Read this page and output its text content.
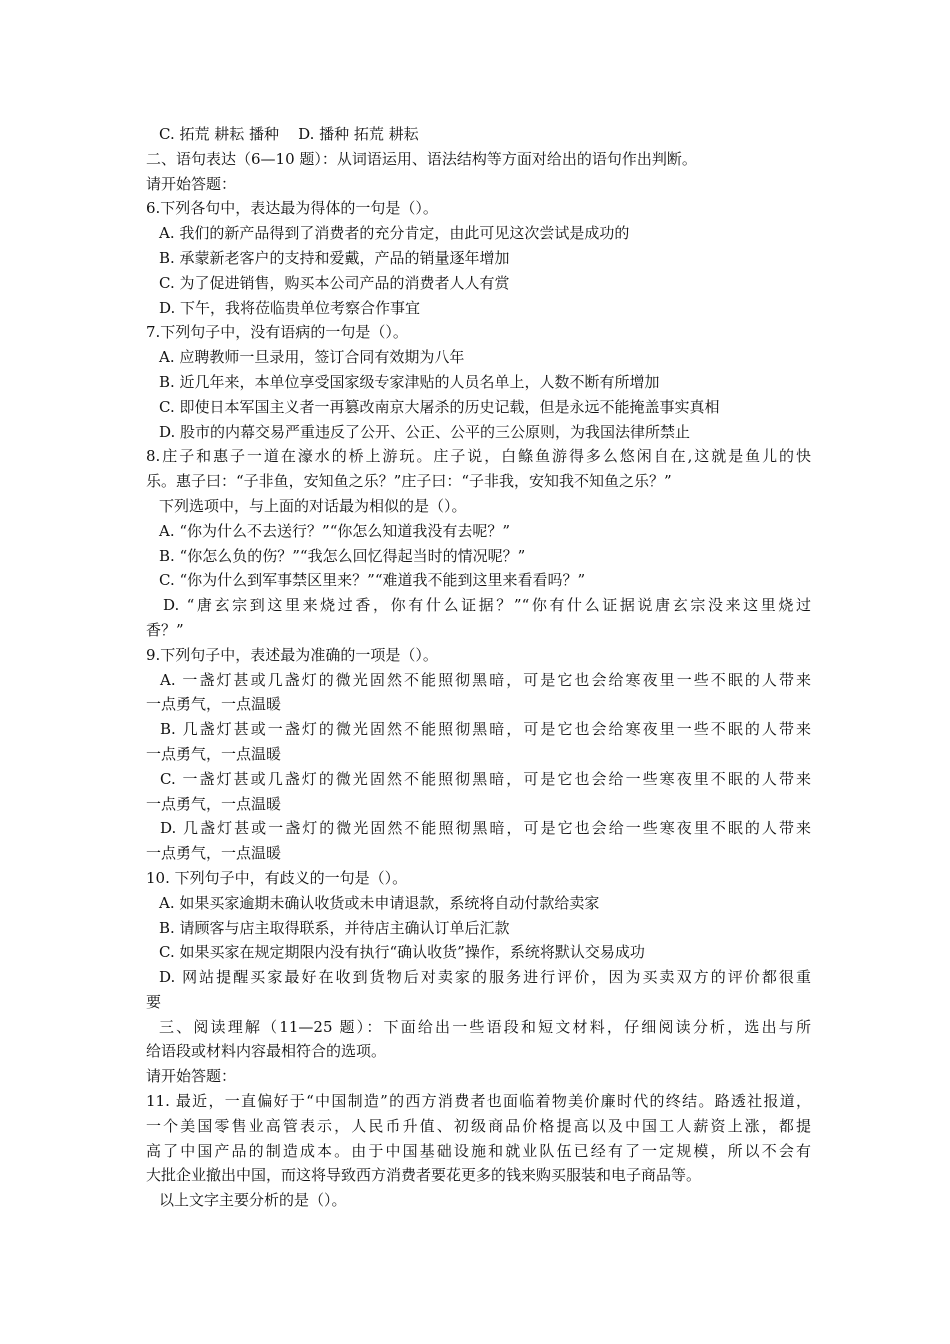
C. 拓荒 耕耘 播种    D. 播种 拓荒 耕耘
二、语句表达（6—10 题）：从词语运用、语法结构等方面对给出的语句作出判断。
请开始答题：
6.下列各句中，表达最为得体的一句是（）。
A. 我们的新产品得到了消费者的充分肯定，由此可见这次尝试是成功的
B. 承蒙新老客户的支持和爱戴，产品的销量逐年增加
C. 为了促进销售，购买本公司产品的消费者人人有赏
D. 下午，我将莅临贵单位考察合作事宜
7.下列句子中，没有语病的一句是（）。
A. 应聘教师一旦录用，签订合同有效期为八年
B. 近几年来，本单位享受国家级专家津贴的人员名单上，人数不断有所增加
C. 即使日本军国主义者一再篡改南京大屠杀的历史记载，但是永远不能掩盖事实真相
D. 股市的内幕交易严重违反了公开、公正、公平的三公原则，为我国法律所禁止
8.庄子和惠子一道在濠水的桥上游玩。庄子说，白鲦鱼游得多么悠闲自在,这就是鱼儿的快
乐。惠子曰：“子非鱼，安知鱼之乐？”庄子曰：“子非我，安知我不知鱼之乐？”
下列选项中，与上面的对话最为相似的是（）。
A. “你为什么不去送行？”“你怎么知道我没有去呢？”
B. “你怎么负的伤？”“我怎么回忆得起当时的情况呢？”
C. “你为什么到军事禁区里来？”“难道我不能到这里来看看吗？”
D. “唐玄宗到这里来烧过香，你有什么证据？”“你有什么证据说唐玄宗没来这里烧过
香？”
9.下列句子中，表述最为准确的一项是（）。
A. 一盏灯甚或几盏灯的微光固然不能照彻黑暗，可是它也会给寒夜里一些不眠的人带来
一点勇气，一点温暖
B. 几盏灯甚或一盏灯的微光固然不能照彻黑暗，可是它也会给寒夜里一些不眠的人带来
一点勇气，一点温暖
C. 一盏灯甚或几盏灯的微光固然不能照彻黑暗，可是它也会给一些寒夜里不眠的人带来
一点勇气，一点温暖
D. 几盏灯甚或一盏灯的微光固然不能照彻黑暗，可是它也会给一些寒夜里不眠的人带来
一点勇气，一点温暖
10. 下列句子中，有歧义的一句是（）。
A. 如果买家逾期未确认收货或未申请退款，系统将自动付款给卖家
B. 请顾客与店主取得联系，并待店主确认订单后汇款
C. 如果买家在规定期限内没有执行“确认收货”操作，系统将默认交易成功
D. 网站提醒买家最好在收到货物后对卖家的服务进行评价，因为买卖双方的评价都很重
要
三、阅读理解（11—25 题）：下面给出一些语段和短文材料，仔细阅读分析，选出与所
给语段或材料内容最相符合的选项。
请开始答题：
11. 最近，一直偏好于“中国制造”的西方消费者也面临着物美价廉时代的终结。路透社报道，
一个美国零售业高管表示，人民币升值、初级商品价格提高以及中国工人薪资上涨，都提
高了中国产品的制造成本。由于中国基础设施和就业队伍已经有了一定规模，所以不会有
大批企业撤出中国，而这将导致西方消费者要花更多的钱来购买服装和电子商品等。
以上文字主要分析的是（）。
